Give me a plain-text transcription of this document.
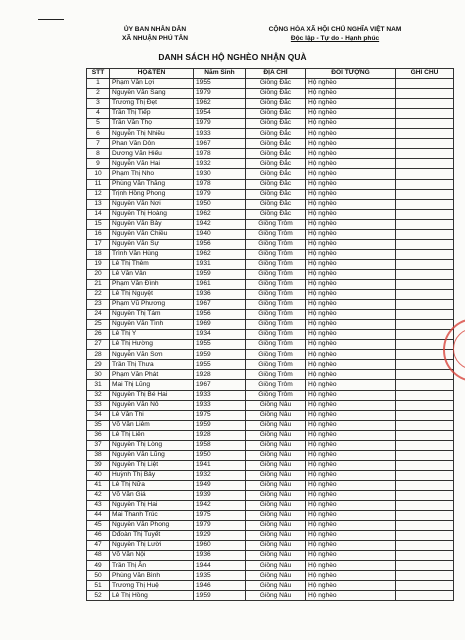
ỦY BAN NHÂN DÂN
XÃ NHUẬN PHÚ TÂN
CỘNG HÒA XÃ HỘI CHỦ NGHĨA VIỆT NAM
Độc lập - Tự do - Hạnh phúc
DANH SÁCH HỘ NGHÈO NHẬN QUÀ
STT	HỌ&TÊN	Năm Sinh	ĐỊA CHỈ	ĐỐI TƯỢNG	GHI CHÚ
1	Phạm Văn Lợi	1955	Giồng Đắc	Hộ nghèo	
2	Nguyễn Văn Sang	1979	Giồng Đắc	Hộ nghèo	
3	Trương Thị Đẹt	1962	Giồng Đắc	Hộ nghèo	
4	Trần Thị Tiếp	1954	Giồng Đắc	Hộ nghèo	
5	Trần Văn Thọ	1979	Giồng Đắc	Hộ nghèo	
6	Nguyễn Thị Nhiều	1933	Giồng Đắc	Hộ nghèo	
7	Phan Văn Dôn	1967	Giồng Đắc	Hộ nghèo	
8	Dương Văn Hiếu	1978	Giồng Đắc	Hộ nghèo	
9	Nguyễn Văn Hai	1932	Giồng Đắc	Hộ nghèo	
10	Phạm Thị Nho	1930	Giồng Đắc	Hộ nghèo	
11	Phùng Văn Thắng	1978	Giồng Đắc	Hộ nghèo	
12	Trịnh Hồng Phong	1979	Giồng Đắc	Hộ nghèo	
13	Nguyễn Văn Nơi	1950	Giồng Đắc	Hộ nghèo	
14	Nguyễn Thị Hoàng	1962	Giồng Đắc	Hộ nghèo	
15	Nguyễn Văn Bảy	1942	Giồng Trôm	Hộ nghèo	
16	Nguyễn Văn Chiều	1940	Giồng Trôm	Hộ nghèo	
17	Nguyễn Văn Sự	1956	Giồng Trôm	Hộ nghèo	
18	Trình Văn Hùng	1962	Giồng Trôm	Hộ nghèo	
19	Lê Thị Thêm	1931	Giồng Trôm	Hộ nghèo	
20	Lê Văn Vân	1959	Giồng Trôm	Hộ nghèo	
21	Phạm Văn Đình	1961	Giồng Trôm	Hộ nghèo	
22	Lê Thị Nguyệt	1936	Giồng Trôm	Hộ nghèo	
23	Phạm Vũ Phương	1967	Giồng Trôm	Hộ nghèo	
24	Nguyễn Thị Tám	1956	Giồng Trôm	Hộ nghèo	
25	Nguyễn Văn Tình	1969	Giồng Trôm	Hộ nghèo	
26	Lê Thị Y	1934	Giồng Trôm	Hộ nghèo	
27	Lê Thị Hường	1955	Giồng Trôm	Hộ nghèo	
28	Nguyễn Văn Sơn	1959	Giồng Trôm	Hộ nghèo	
29	Trần Thị Thưa	1955	Giồng Trôm	Hộ nghèo	
30	Phạm Văn Phát	1928	Giồng Trôm	Hộ nghèo	
31	Mai Thị Lũng	1967	Giồng Trôm	Hộ nghèo	
32	Nguyễn Thị Bé Hai	1933	Giồng Trôm	Hộ nghèo	
33	Nguyễn Văn Nô	1933	Giồng Nâu	Hộ nghèo	
34	Lê Văn Thi	1975	Giồng Nâu	Hộ nghèo	
35	Võ Văn Liêm	1959	Giồng Nâu	Hộ nghèo	
36	Lê Thị Liên	1928	Giồng Nâu	Hộ nghèo	
37	Nguyễn Thị Lòng	1958	Giồng Nâu	Hộ nghèo	
38	Nguyễn Văn Lũng	1950	Giồng Nâu	Hộ nghèo	
39	Nguyễn Thị Liệt	1941	Giồng Nâu	Hộ nghèo	
40	Huỳnh Thị Bảy	1932	Giồng Nâu	Hộ nghèo	
41	Lê Thị Nữa	1949	Giồng Nâu	Hộ nghèo	
42	Võ Văn Giá	1939	Giồng Nâu	Hộ nghèo	
43	Nguyễn Thị Hai	1942	Giồng Nâu	Hộ nghèo	
44	Mai Thanh Trúc	1975	Giồng Nâu	Hộ nghèo	
45	Nguyễn Văn Phong	1979	Giồng Nâu	Hộ nghèo	
46	Dđoàn Thị Tuyết	1929	Giồng Nâu	Hộ nghèo	
47	Nguyễn Thị Lười	1960	Giồng Nâu	Hộ nghèo	
48	Võ Văn Nội	1936	Giồng Nâu	Hộ nghèo	
49	Trần Thị Ân	1944	Giồng Nâu	Hộ nghèo	
50	Phùng Văn Bình	1935	Giồng Nâu	Hộ nghèo	
51	Trương Thị Huệ	1946	Giồng Nâu	Hộ nghèo	
52	Lê Thị Hồng	1959	Giồng Nâu	Hộ nghèo	
